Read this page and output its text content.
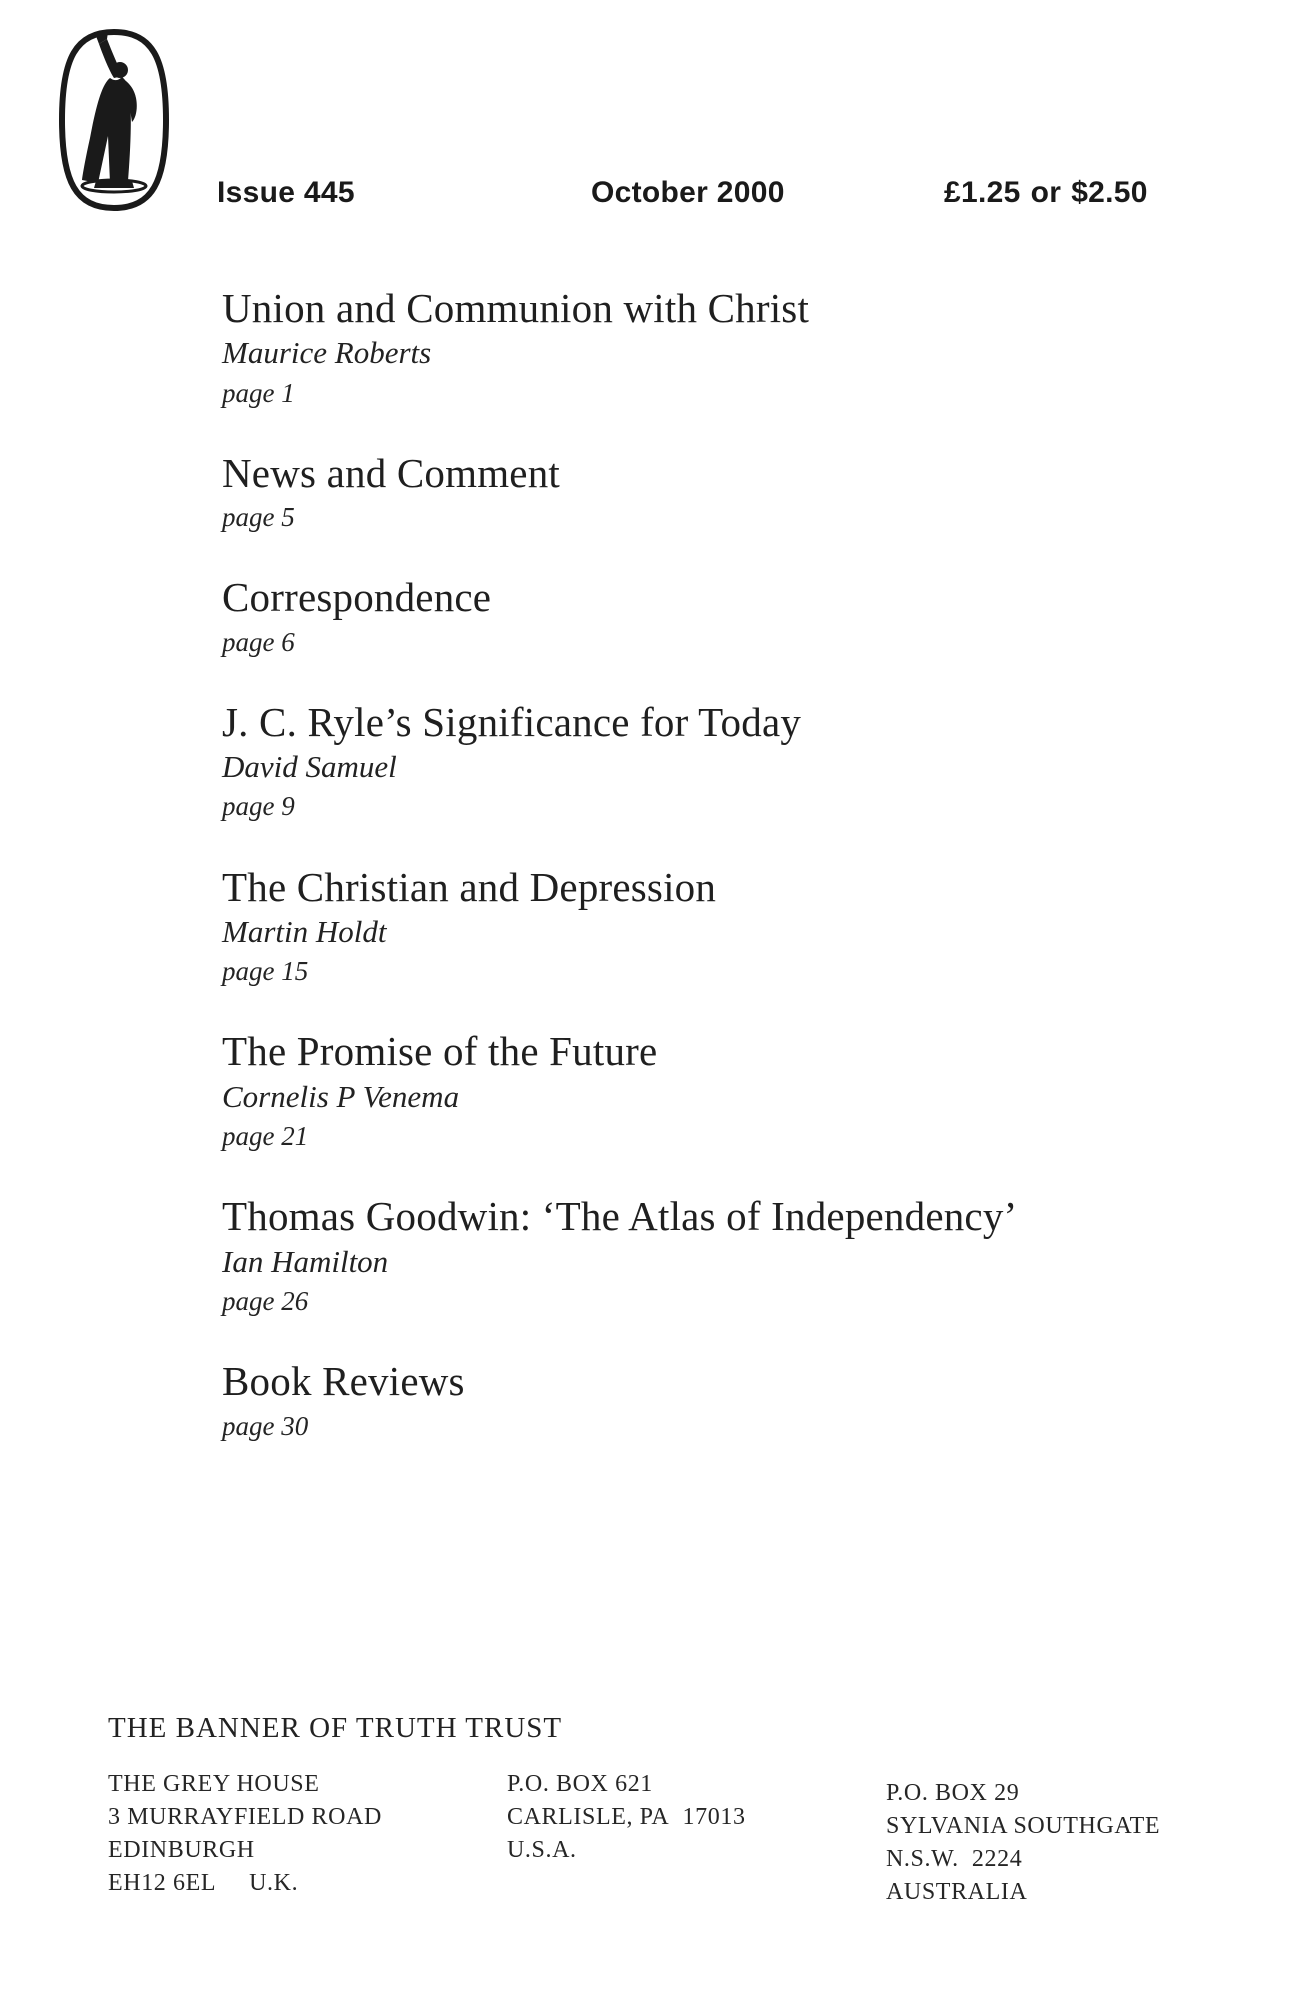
Issue 445	October 2000	£1.25 or $2.50
Union and Communion with Christ
Maurice Roberts
page 1
News and Comment
page 5
Correspondence
page 6
J. C. Ryle’s Significance for Today
David Samuel
page 9
The Christian and Depression
Martin Holdt
page 15
The Promise of the Future
Cornelis P Venema
page 21
Thomas Goodwin: ‘The Atlas of Independency’
Ian Hamilton
page 26
Book Reviews
page 30
THE BANNER OF TRUTH TRUST
THE GREY HOUSE
3 MURRAYFIELD ROAD
EDINBURGH
EH12 6EL     U.K.
P.O. BOX 621
CARLISLE, PA  17013
U.S.A.
P.O. BOX 29
SYLVANIA SOUTHGATE
N.S.W.  2224
AUSTRALIA
